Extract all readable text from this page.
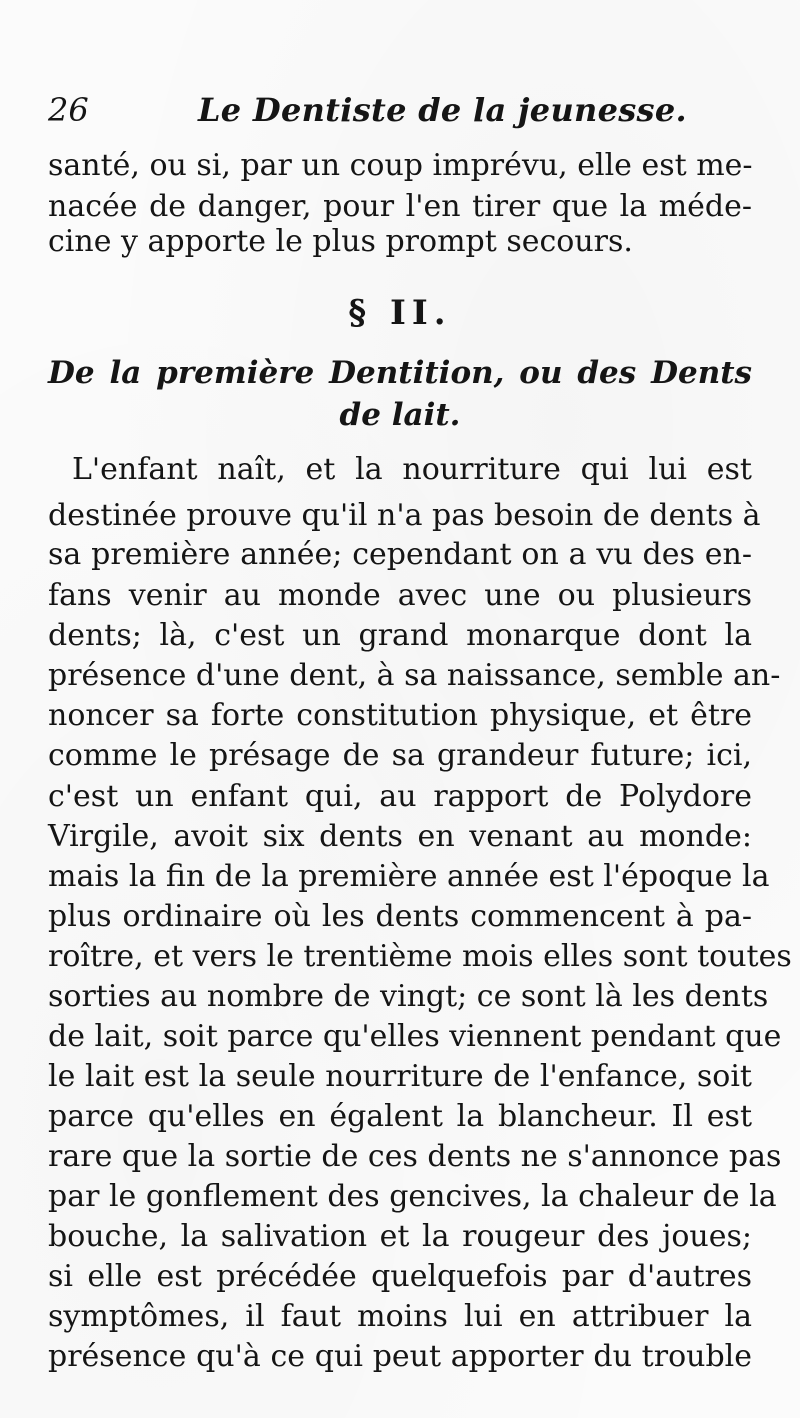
26	Le Dentiste de la jeunesse.
santé, ou si, par un coup imprévu, elle est me-
nacée de danger, pour l'en tirer que la méde-
cine y apporte le plus prompt secours.
§ II.
De la première Dentition, ou des Dents
de lait.
L'enfant naît, et la nourriture qui lui est
destinée prouve qu'il n'a pas besoin de dents à
sa première année; cependant on a vu des en-
fans venir au monde avec une ou plusieurs
dents; là, c'est un grand monarque dont la
présence d'une dent, à sa naissance, semble an-
noncer sa forte constitution physique, et être
comme le présage de sa grandeur future; ici,
c'est un enfant qui, au rapport de Polydore
Virgile, avoit six dents en venant au monde:
mais la fin de la première année est l'époque la
plus ordinaire où les dents commencent à pa-
roître, et vers le trentième mois elles sont toutes
sorties au nombre de vingt; ce sont là les dents
de lait, soit parce qu'elles viennent pendant que
le lait est la seule nourriture de l'enfance, soit
parce qu'elles en égalent la blancheur. Il est
rare que la sortie de ces dents ne s'annonce pas
par le gonflement des gencives, la chaleur de la
bouche, la salivation et la rougeur des joues;
si elle est précédée quelquefois par d'autres
symptômes, il faut moins lui en attribuer la
présence qu'à ce qui peut apporter du trouble
